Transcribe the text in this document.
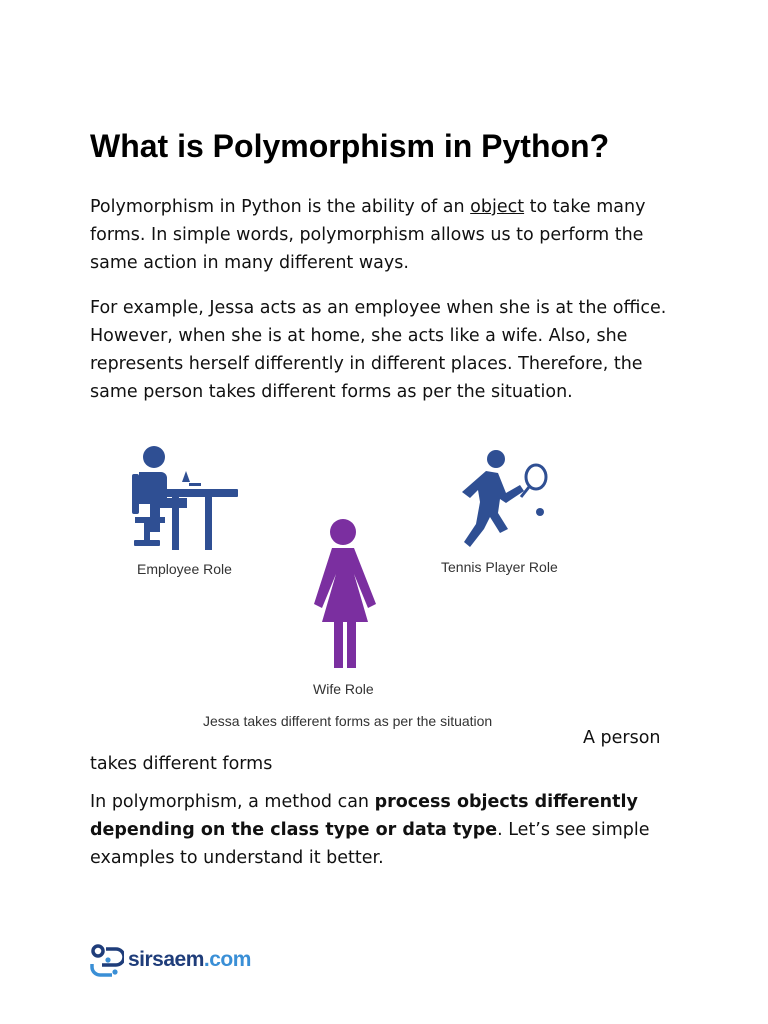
What is Polymorphism in Python?

Polymorphism in Python is the ability of an object to take many forms. In simple words, polymorphism allows us to perform the same action in many different ways.

For example, Jessa acts as an employee when she is at the office. However, when she is at home, she acts like a wife. Also, she represents herself differently in different places. Therefore, the same person takes different forms as per the situation.

Employee Role	Tennis Player Role
Wife Role
Jessa takes different forms as per the situation
A person
takes different forms

In polymorphism, a method can process objects differently depending on the class type or data type. Let’s see simple examples to understand it better.

sirsaem.com
